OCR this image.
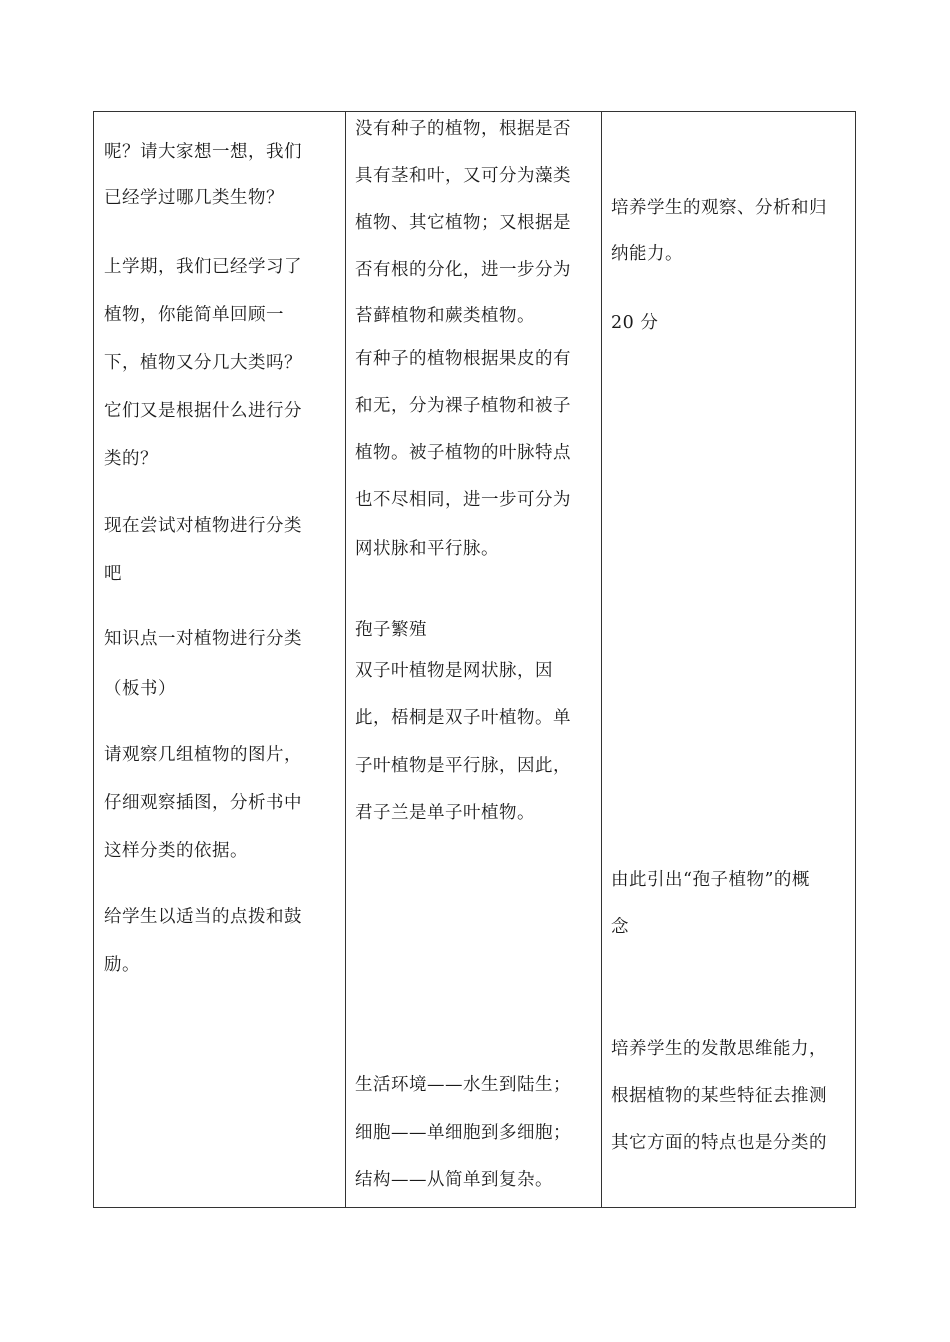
呢？请大家想一想，我们
已经学过哪几类生物？
上学期，我们已经学习了
植物，你能简单回顾一
下，植物又分几大类吗？
它们又是根据什么进行分
类的？
现在尝试对植物进行分类
吧
知识点一对植物进行分类
（板书）
请观察几组植物的图片，
仔细观察插图，分析书中
这样分类的依据。
给学生以适当的点拨和鼓
励。
没有种子的植物，根据是否
具有茎和叶，又可分为藻类
植物、其它植物；又根据是
否有根的分化，进一步分为
苔藓植物和蕨类植物。
有种子的植物根据果皮的有
和无，分为裸子植物和被子
植物。被子植物的叶脉特点
也不尽相同，进一步可分为
网状脉和平行脉。
孢子繁殖
双子叶植物是网状脉，因
此，梧桐是双子叶植物。单
子叶植物是平行脉，因此，
君子兰是单子叶植物。
生活环境——水生到陆生；
细胞——单细胞到多细胞；
结构——从简单到复杂。
培养学生的观察、分析和归
纳能力。
20 分
由此引出“孢子植物”的概
念
培养学生的发散思维能力，
根据植物的某些特征去推测
其它方面的特点也是分类的
